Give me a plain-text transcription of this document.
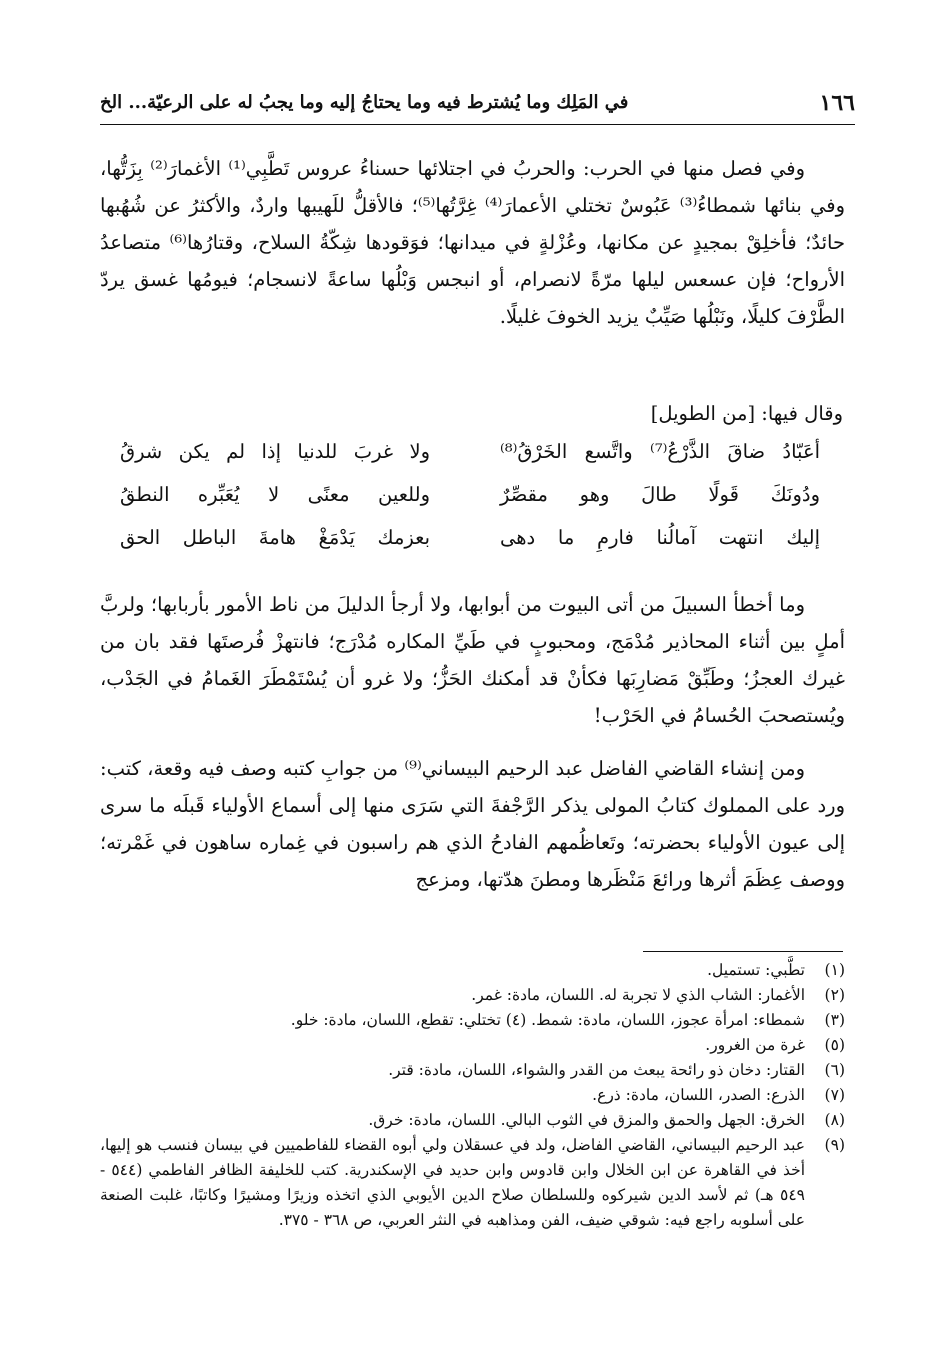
١٦٦
في المَلِك وما يُشترط فيه وما يحتاجُ إليه وما يجبُ له على الرعيّة... الخ

وفي فصل منها في الحرب: والحربُ في اجتلائها حسناءُ عروس تَطَّبِي⁽¹⁾ الأغمارَ⁽²⁾ بِزَتُّها، وفي بنائها شمطاءُ⁽³⁾ عَبُوسٌ تختلي الأعمارَ⁽⁴⁾ غِرَّتُها⁽⁵⁾؛ فالأقلُّ للَهيبها واردٌ، والأكثرُ عن شُهُبها حائدٌ؛ فأخلِقْ بمجيدٍ عن مكانها، وعُزْلةٍ في ميدانها؛ فوَقودها شِكّةُ السلاح، وقتارُها⁽⁶⁾ متصاعدُ الأرواح؛ فإن عسعس ليلها مرّةً لانصرام، أو انبجس وَبْلُها ساعةً لانسجام؛ فيومُها غسق يردّ الطَّرْفَ كليلًا، ونَبْلُها صَيِّبٌ يزيد الخوفَ غليلًا.

وقال فيها: [من الطويل]
أعَبّادُ ضاقَ الذَّرْعُ⁽⁷⁾ واتَّسع الخَرْقُ⁽⁸⁾
ولا غربَ للدنيا إذا لم يكن شرقُ
ودُونَكَ قَولًا طالَ وهو مقصِّرٌ
وللعين معنًى لا يُعَبِّره النطقُ
إليك انتهت آمالُنا فارمِ ما دهى
بعزمك يَدْمَغْ هامةَ الباطل الحق

وما أخطأ السبيلَ من أتى البيوت من أبوابها، ولا أرجأ الدليلَ من ناط الأمور بأربابها؛ ولربَّ أملٍ بين أثناء المحاذير مُدْمَج، ومحبوبٍ في طَيِّ المكاره مُدْرَج؛ فانتهزْ فُرصتَها فقد بان من غيرك العجزُ؛ وطَبِّقْ مَضارِبَها فكأنْ قد أمكنك الحَزُّ؛ ولا غرو أن يُسْتَمْطَرَ الغَمامُ في الجَدْب، ويُستصحبَ الحُسامُ في الحَرْب!

ومن إنشاء القاضي الفاضل عبد الرحيم البيساني⁽⁹⁾ من جوابِ كتبه وصف فيه وقعة، كتب: ورد على المملوك كتابُ المولى يذكر الرَّجْفةَ التي سَرَى منها إلى أسماع الأولياء قَبلَه ما سرى إلى عيون الأولياء بحضرته؛ وتَعاظُمهم الفادحُ الذي هم راسبون في غِماره ساهون في غَمْرته؛ ووصف عِظَمَ أثرها ورائعَ مَنْظَرها ومطنَ هدّتها، ومزعج

(١)
تطَّبي: تستميل.
(٢)
الأغمار: الشاب الذي لا تجربة له. اللسان، مادة: غمر.
(٣)
شمطاء: امرأة عجوز، اللسان، مادة: شمط. (٤) تختلي: تقطع، اللسان، مادة: خلو.
(٥)
غرة من الغرور.
(٦)
القتار: دخان ذو رائحة يبعث من القدر والشواء، اللسان، مادة: قتر.
(٧)
الذرع: الصدر، اللسان، مادة: ذرع.
(٨)
الخرق: الجهل والحمق والمزق في الثوب البالي. اللسان، مادة: خرق.
(٩)
عبد الرحيم البيساني، القاضي الفاضل، ولد في عسقلان ولي أبوه القضاء للفاطميين في بيسان فنسب هو إليها، أخذ في القاهرة عن ابن الخلال وابن قادوس وابن حديد في الإسكندرية. كتب للخليفة الظافر الفاطمي (٥٤٤ - ٥٤٩ هـ) ثم لأسد الدين شيركوه وللسلطان صلاح الدين الأيوبي الذي اتخذه وزيرًا ومشيرًا وكاتبًا، غلبت الصنعة على أسلوبه راجع فيه: شوقي ضيف، الفن ومذاهبه في النثر العربي، ص ٣٦٨ - ٣٧٥.
